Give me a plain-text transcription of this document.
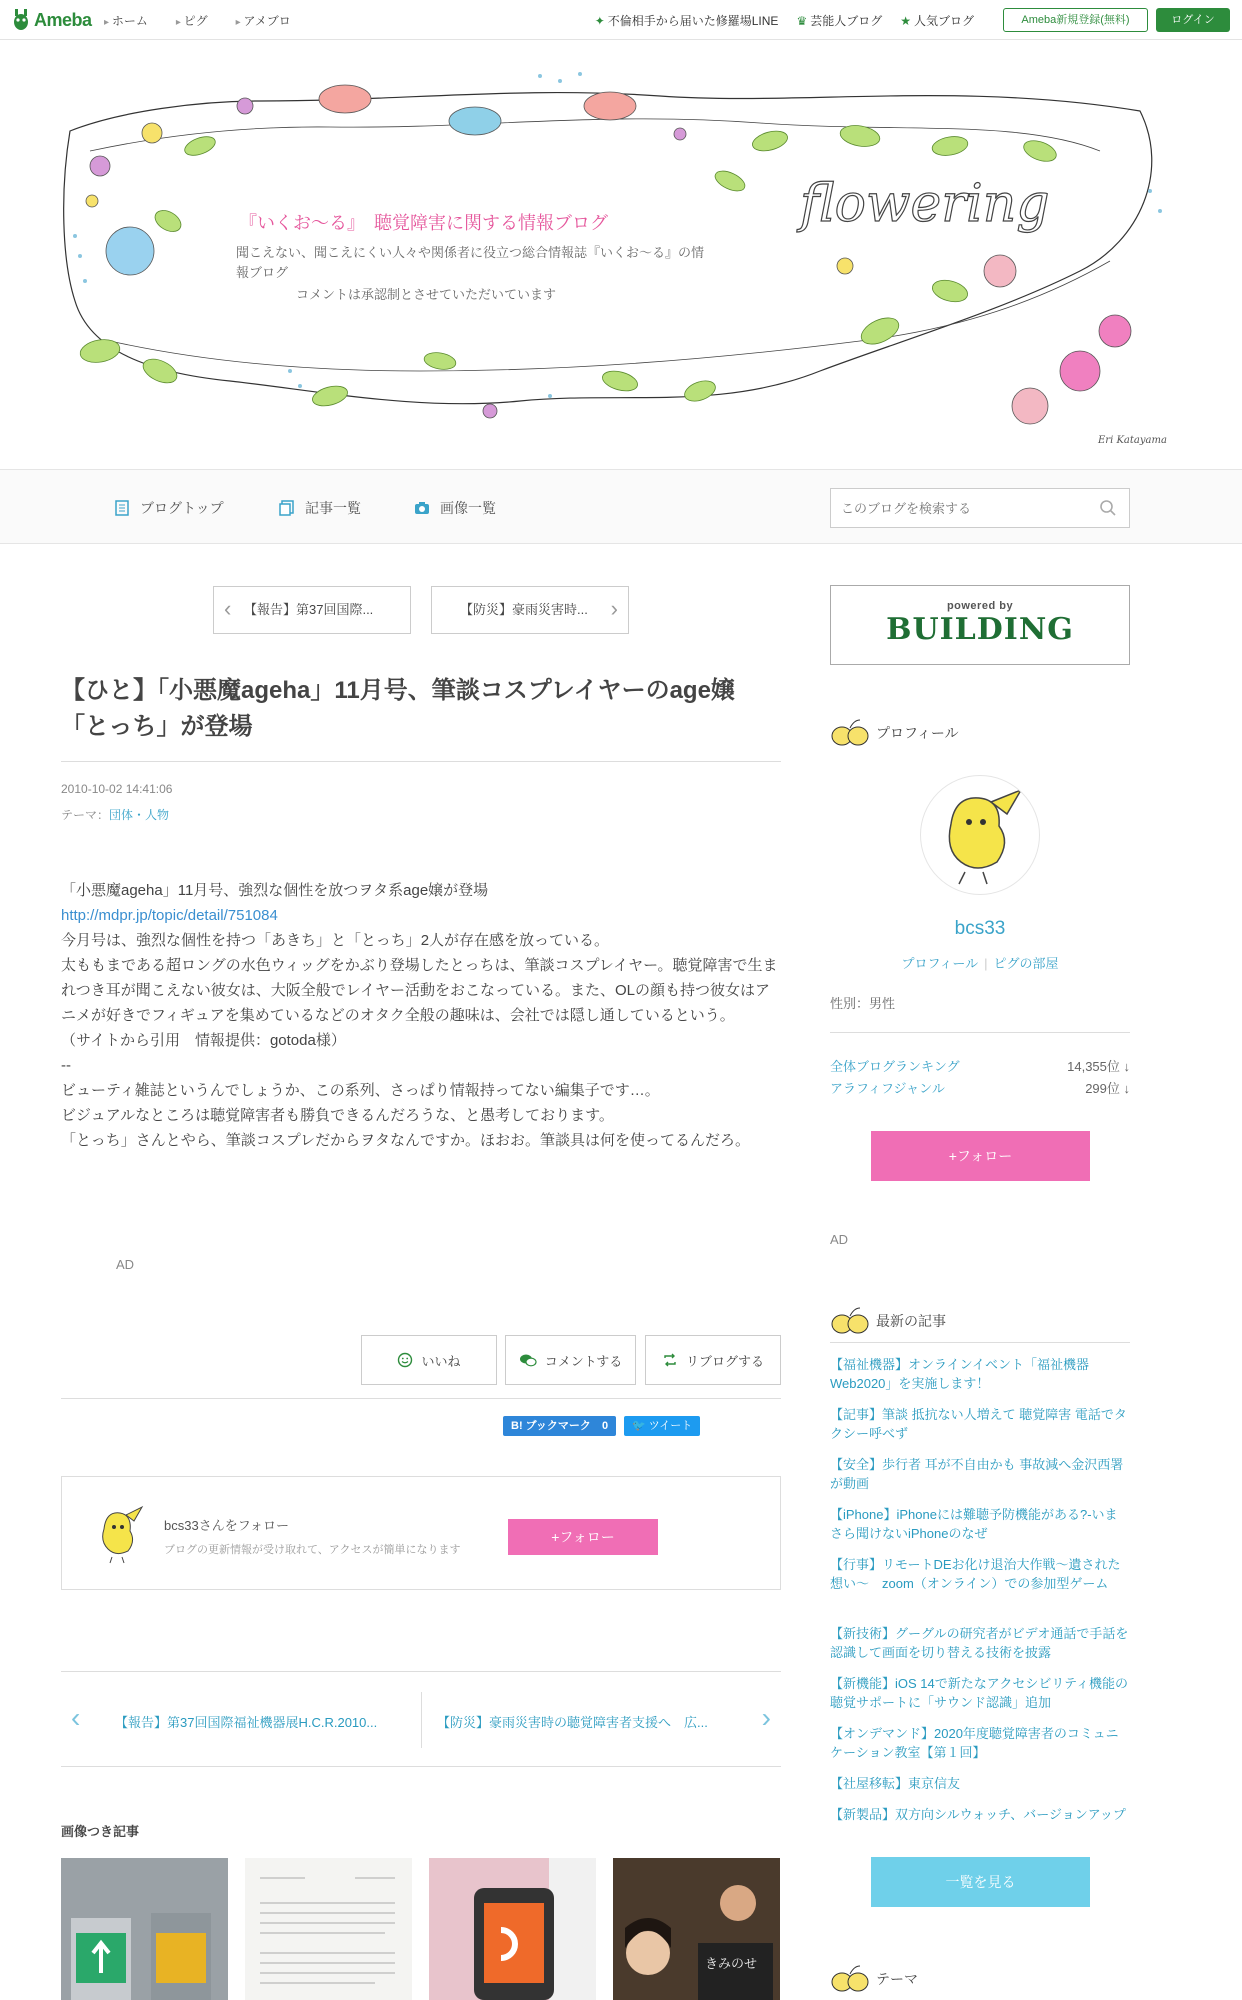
Ameba	▸ ホーム	▸ ピグ	▸ アメブロ	✦ 不倫相手から届いた修羅場LINE ♛ 芸能人ブログ ★ 人気ブログ	Ameba新規登録(無料)	ログイン
flowering
『いくお～る』　聴覚障害に関する情報ブログ
聞こえない、聞こえにくい人々や関係者に役立つ総合情報誌『いくお～る』の情報ブログ
コメントは承認制とさせていただいています
Eri Katayama
ブログトップ	記事一覧	画像一覧
このブログを検索する
‹ 【報告】第37回国際...	【防災】豪雨災害時... ›
【ひと】「小悪魔ageha」11月号、筆談コスプレイヤーのage嬢「とっち」が登場
2010-10-02 14:41:06
テーマ：団体・人物
「小悪魔ageha」11月号、強烈な個性を放つヲタ系age嬢が登場
http://mdpr.jp/topic/detail/751084
今月号は、強烈な個性を持つ「あきち」と「とっち」2人が存在感を放っている。
太ももまである超ロングの水色ウィッグをかぶり登場したとっちは、筆談コスプレイヤー。聴覚障害で生まれつき耳が聞こえない彼女は、大阪全般でレイヤー活動をおこなっている。また、OLの顔も持つ彼女はアニメが好きでフィギュアを集めているなどのオタク全般の趣味は、会社では隠し通しているという。
（サイトから引用　情報提供：gotoda様）
--
ビューティ雑誌というんでしょうか、この系列、さっぱり情報持ってない編集子です…。
ビジュアルなところは聴覚障害者も勝負できるんだろうな、と愚考しております。
「とっち」さんとやら、筆談コスプレだからヲタなんですか。ほおお。筆談具は何を使ってるんだろ。
AD
いいね	コメントする	リブログする
B! ブックマーク 0	🐦 ツイート
bcs33さんをフォロー
ブログの更新情報が受け取れて、アクセスが簡単になります
+フォロー
‹	【報告】第37回国際福祉機器展H.C.R.2010...	【防災】豪雨災害時の聴覚障害者支援へ　広... ›
画像つき記事
きみのせ
powered by
BUILDING
プロフィール
bcs33
プロフィール | ピグの部屋
性別：男性
全体ブログランキング	14,355位 ↓
アラフィフジャンル	299位 ↓
+フォロー
AD
最新の記事
【福祉機器】オンラインイベント「福祉機器Web2020」を実施します！
【記事】筆談 抵抗ない人増えて 聴覚障害 電話でタクシー呼べず
【安全】歩行者 耳が不自由かも 事故減へ金沢西署が動画
【iPhone】iPhoneには難聴予防機能がある?-いまさら聞けないiPhoneのなぜ
【行事】リモートDEお化け退治大作戦～遺された想い～　zoom（オンライン）での参加型ゲーム
【新技術】グーグルの研究者がビデオ通話で手話を認識して画面を切り替える技術を披露
【新機能】iOS 14で新たなアクセシビリティ機能の聴覚サポートに「サウンド認識」追加
【オンデマンド】2020年度聴覚障害者のコミュニケーション教室【第１回】
【社屋移転】東京信友
【新製品】双方向シルウォッチ、バージョンアップ
一覧を見る
テーマ
